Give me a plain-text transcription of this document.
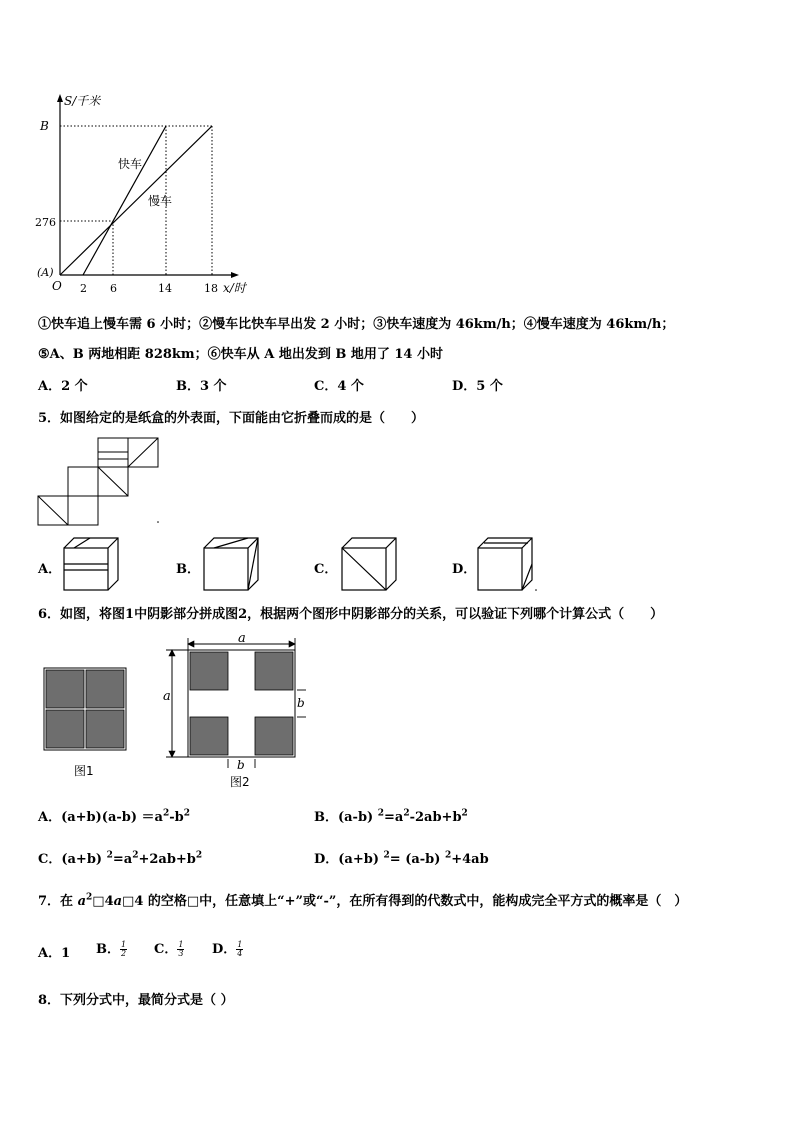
S/千米
x/时
B
276
(A)
O 2 6	14	18
快车
慢车
①快车追上慢车需 6 小时；②慢车比快车早出发 2 小时；③快车速度为 46km/h；④慢车速度为 46km/h；
⑤A、B 两地相距 828km；⑥快车从 A 地出发到 B 地用了 14 小时
A．2 个	B．3 个	C．4 个	D．5 个
5．如图给定的是纸盒的外表面，下面能由它折叠而成的是（　　）
A．	B．	C．	D．
6．如图，将图1中阴影部分拼成图2，根据两个图形中阴影部分的关系，可以验证下列哪个计算公式（　　）
图1
a
a	b
b
图2
A．$(a+b)(a-b) =a^2-b^2$	B．(a-b) $^2=a^2-2ab+b^2$
C．(a+b) $^2=a^2+2ab+b^2$	D．(a+b) $^2$= (a-b) $^2$+4ab
7．在 $a^2□4a□4$ 的空格□中，任意填上“+”或“-”，在所有得到的代数式中，能构成完全平方式的概率是（　）
A．1 B． $\frac{1}{2}$ C． $\frac{1}{3}$ D． $\frac{1}{4}$
8．下列分式中，最简分式是（ ）
